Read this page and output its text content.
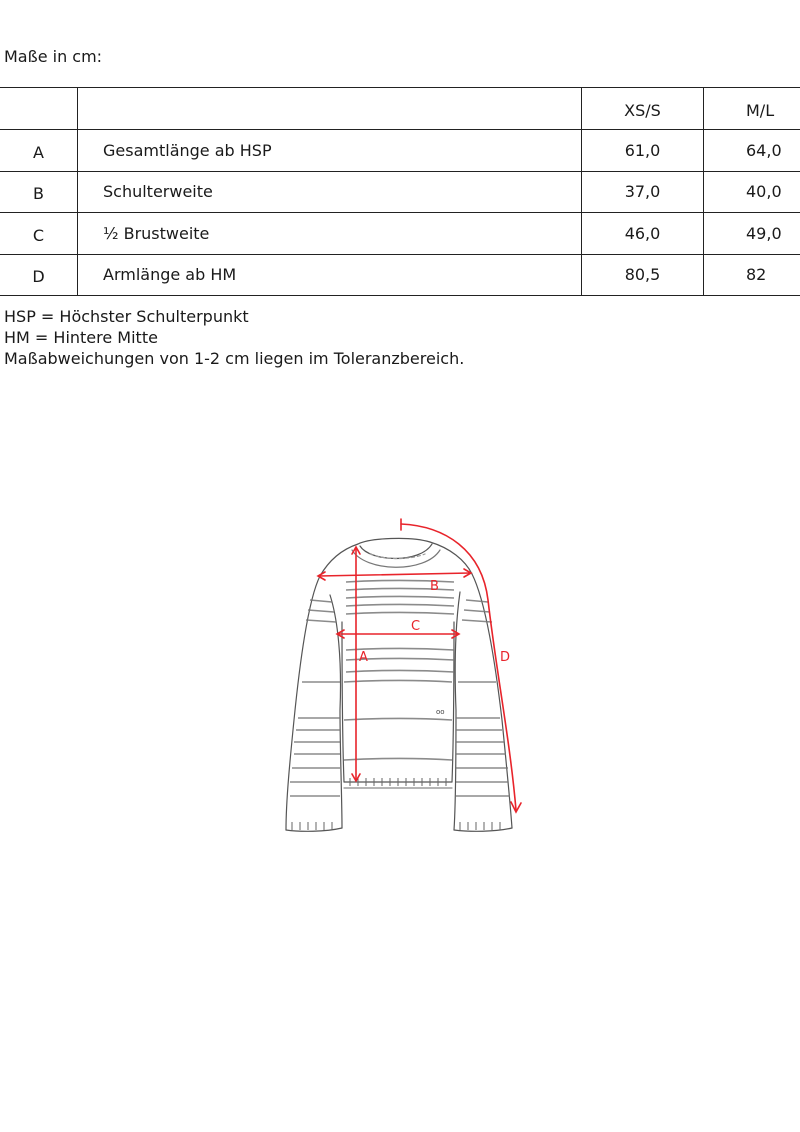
Maße in cm:
		XS/S	M/L
A	Gesamtlänge ab HSP	61,0	64,0
B	Schulterweite	37,0	40,0
C	½ Brustweite	46,0	49,0
D	Armlänge ab HM	80,5	82
HSP = Höchster Schulterpunkt
HM = Hintere Mitte
Maßabweichungen von 1-2 cm liegen im Toleranzbereich.
oo
B
C
A	D
